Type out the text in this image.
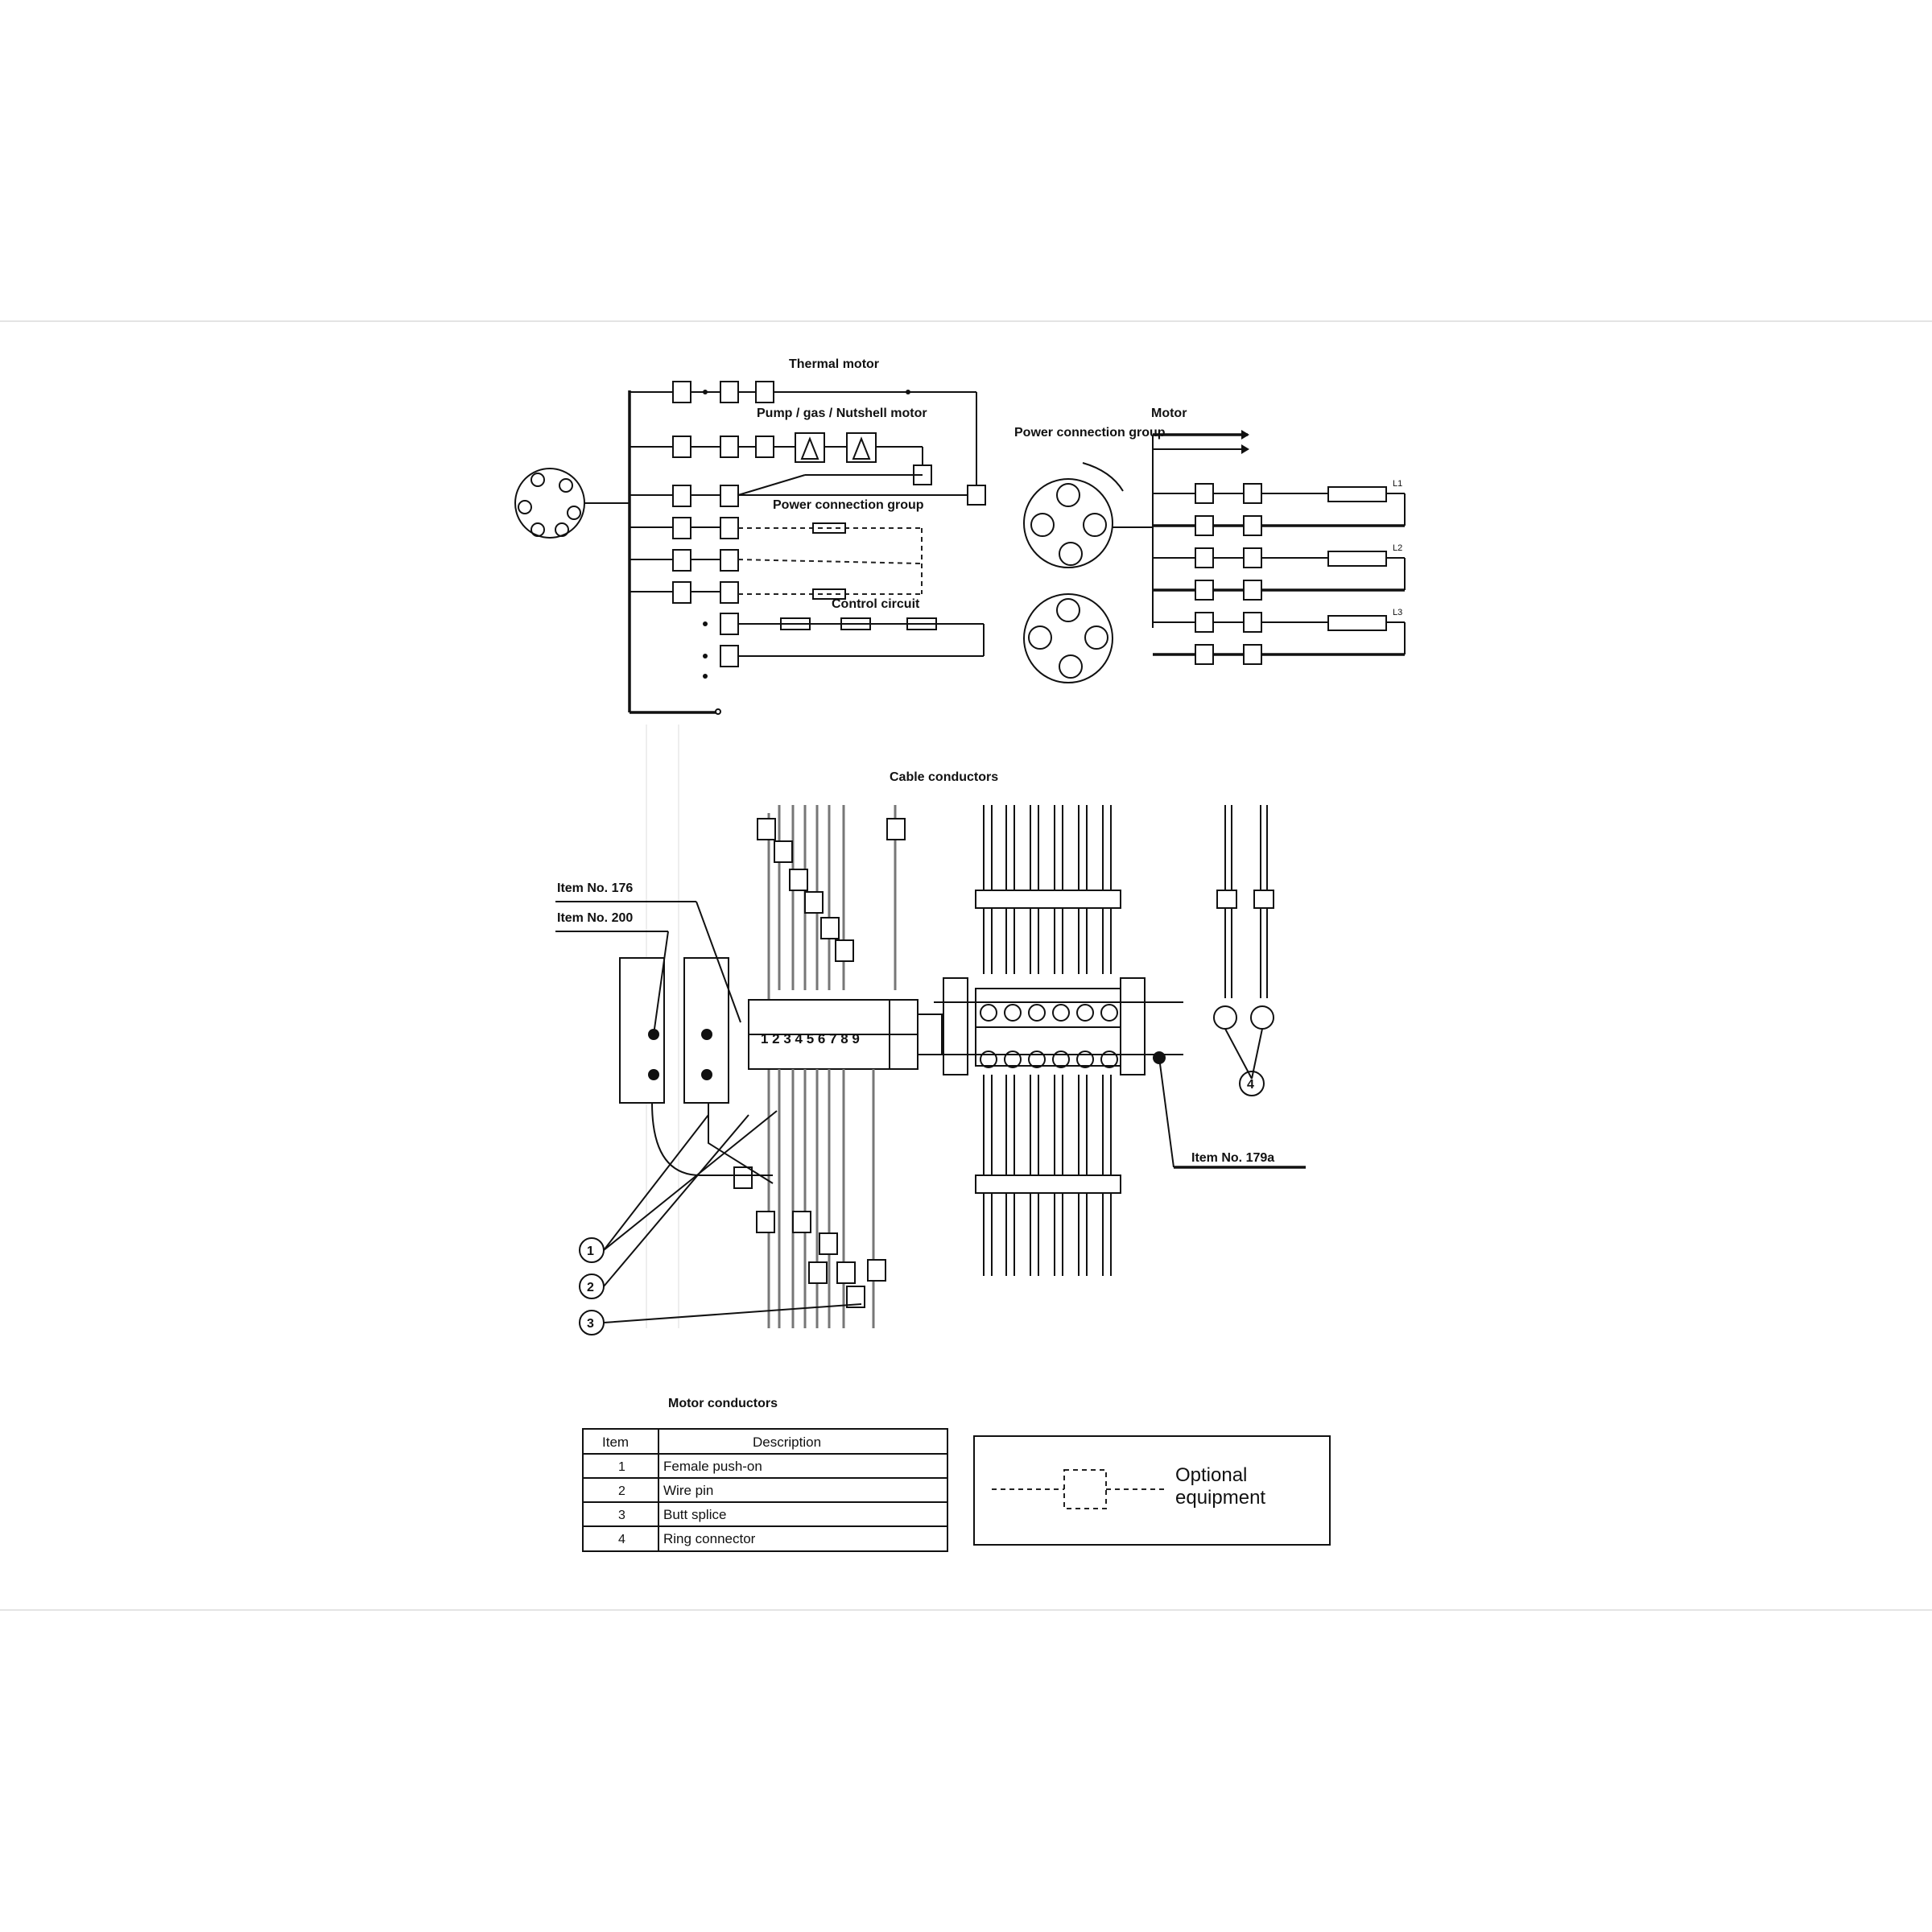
Thermal motor
Pump / gas / Nutshell motor
Power connection group
Control circuit
Power connection group
Motor
L1
L2
L3
Cable conductors
1 2 3 4 5 6 7 8 9
Item No. 176
Item No. 200
1
2
3
Item No. 179a
4
Motor conductors
Item	Description
1	Female push-on
2	Wire pin
3	Butt splice
4	Ring connector
Optional
equipment
